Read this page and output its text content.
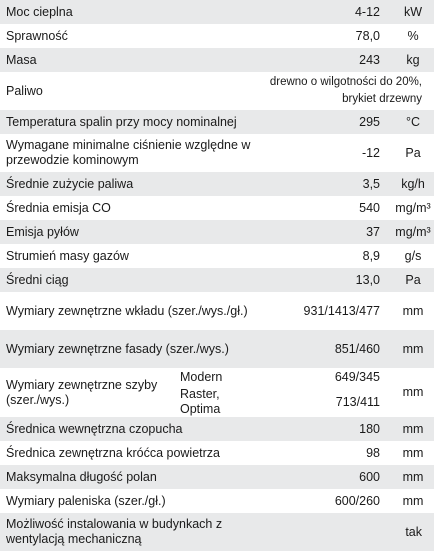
Moc cieplna		4-12	kW
Sprawność		78,0	%
Masa		243	kg
Paliwo		drewno o wilgotności do 20%, brykiet drzewny	
Temperatura spalin przy mocy nominalnej		295	°C
Wymagane minimalne ciśnienie względne w przewodzie kominowym		-12	Pa
Średnie zużycie paliwa		3,5	kg/h
Średnia emisja CO		540	mg/m³
Emisja pyłów		37	mg/m³
Strumień masy gazów		8,9	g/s
Średni ciąg		13,0	Pa
Wymiary zewnętrzne wkładu (szer./wys./gł.)		931/1413/477	mm
Wymiary zewnętrzne fasady (szer./wys.)		851/460	mm
Wymiary zewnętrzne szyby (szer./wys.)	Modern	649/345	mm
	Raster, Optima	713/411	
Średnica wewnętrzna czopucha		180	mm
Średnica zewnętrzna króćca powietrza		98	mm
Maksymalna długość polan		600	mm
Wymiary paleniska (szer./gł.)		600/260	mm
Możliwość instalowania w budynkach z wentylacją mechaniczną		tak	
